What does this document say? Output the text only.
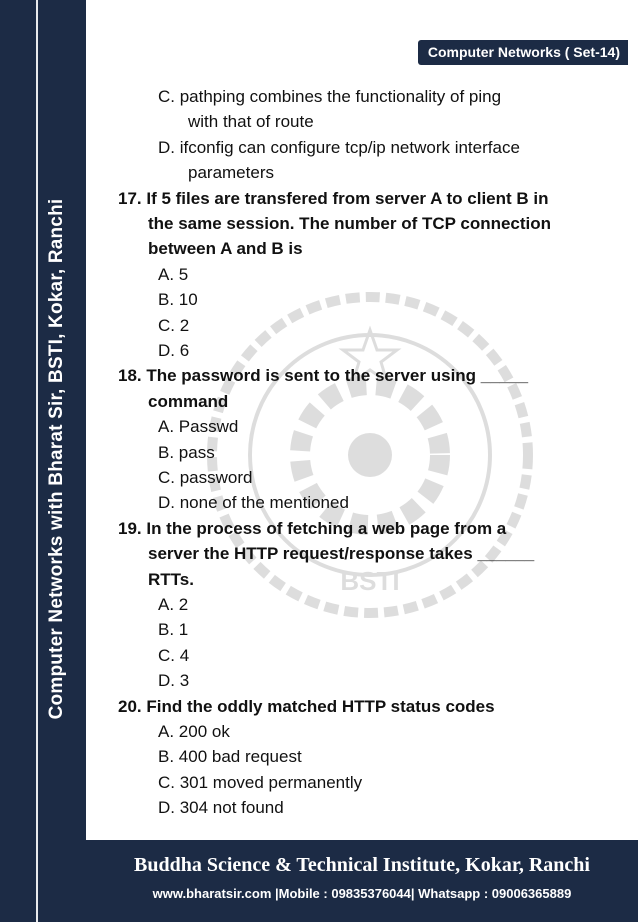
Computer Networks with Bharat Sir, BSTI, Kokar, Ranchi
Computer Networks ( Set-14)
BSTI
C. pathping combines the functionality of ping
with that of route
D. ifconfig can configure tcp/ip network interface
parameters
17. If 5 files are transfered from server A to client B in
the same session. The number of TCP connection
between A and B is
A. 5
B. 10
C. 2
D. 6
18. The password is sent to the server using _____
command
A. Passwd
B. pass
C. password
D. none of the mentioned
19. In the process of fetching a web page from a
server the HTTP request/response takes ______
RTTs.
A. 2
B. 1
C. 4
D. 3
20. Find the oddly matched HTTP status codes
A. 200 ok
B. 400 bad request
C. 301 moved permanently
D. 304 not found
Buddha Science & Technical Institute, Kokar, Ranchi
www.bharatsir.com |Mobile : 09835376044| Whatsapp : 09006365889
